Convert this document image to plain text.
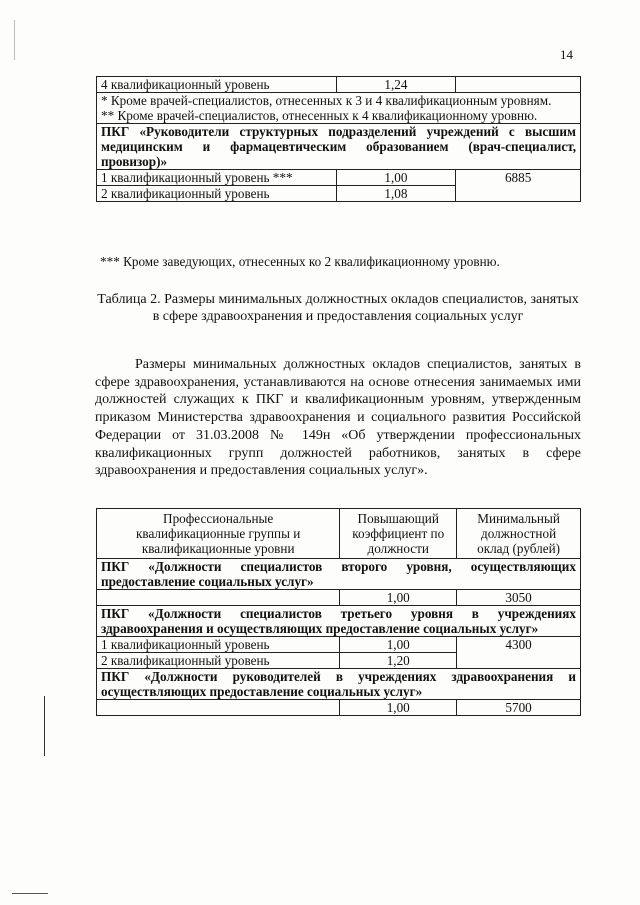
14
4 квалификационный уровень	1,24	

* Кроме врачей-специалистов, отнесенных к 3 и 4 квалификационным уровням.
** Кроме врачей-специалистов, отнесенных к 4 квалификационному уровню.		

ПКГ «Руководители структурных подразделений учреждений с высшим медицинским и фармацевтическим образованием (врач-специалист, провизор)»		
1 квалификационный уровень ***	1,00	6885
2 квалификационный уровень	1,08	
*** Кроме заведующих, отнесенных ко 2 квалификационному уровню.
Таблица 2. Размеры минимальных должностных окладов специалистов, занятых в сфере здравоохранения и предоставления социальных услуг

Размеры минимальных должностных окладов специалистов, занятых в сфере здравоохранения, устанавливаются на основе отнесения занимаемых ими должностей служащих к ПКГ и квалификационным уровням, утвержденным приказом Министерства здравоохранения и социального развития Российской Федерации от 31.03.2008 № 149н «Об утверждении профессиональных квалификационных групп должностей работников, занятых в сфере здравоохранения и предоставления социальных услуг».

Профессиональные квалификационные группы и квалификационные уровни	Повышающий коэффициент по должности	Минимальный должностной оклад (рублей)
ПКГ «Должности специалистов второго уровня, осуществляющих предоставление социальных услуг»		
	1,00	3050
ПКГ «Должности специалистов третьего уровня в учреждениях здравоохранения и осуществляющих предоставление социальных услуг»		
1 квалификационный уровень	1,00	4300
2 квалификационный уровень	1,20	
ПКГ «Должности руководителей в учреждениях здравоохранения и осуществляющих предоставление социальных услуг»		
	1,00	5700
